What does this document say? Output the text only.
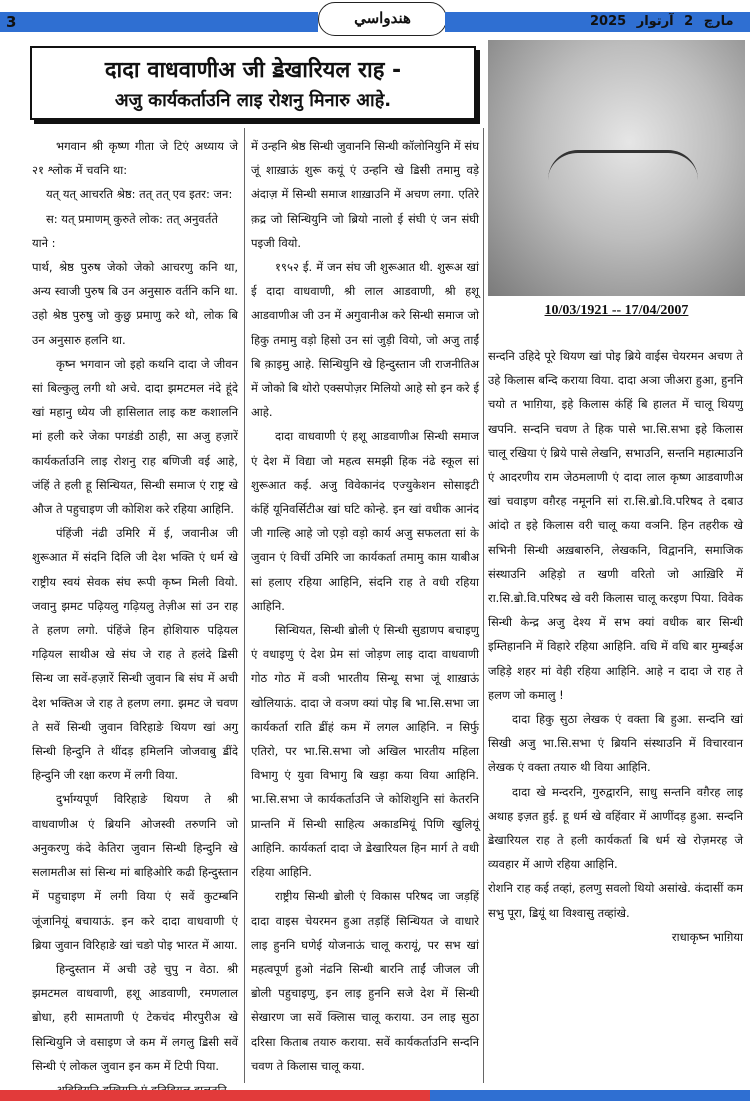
3	هندواسي	2025	مارچ 2 آرتوار
दादा वाधवाणीअ जी ॾेखारियल राह -
अजु कार्यकर्ताउनि लाइ रोशनु मिनारु आहे.
10/03/1921 -- 17/04/2007

भगवान श्री कृष्ण गीता जे टिएं अध्याय जे २१ श्लोक में चवनि था:

यत् यत् आचरति श्रेष्ठ: तत् तत् एव इतर: जन:

स: यत् प्रमाणम् कुरुते लोक: तत् अनुवर्तते

याने :

पार्थ, श्रेष्ठ पुरुष जेको जेको आचरणु कनि था, अन्य स्वाजी पुरुष बि उन अनुसारु वर्तनि कनि था. उहो श्रेष्ठ पुरुषु जो कुछु प्रमाणु करे थो, लोक बि उन अनुसारु हलनि था.

कृष्न भगवान जो इहो कथनि दादा जे जीवन सां बिल्कुलु लगी थो अचे. दादा झमटमल नंदे हूंदे खां महानु ध्येय जी हासिलात लाइ कष्ट कशालनि मां हली करे जेका पगडंडी ठाही, सा अजु हज़ारें कार्यकर्ताउनि लाइ रोशनु राह बणिजी वई आहे, जंहिं ते हली हू सिन्धियत, सिन्धी समाज एं राष्ट्र खे औज ते पहुचाइण जी कोशिश करे रहिया आहिनि.

पंहिंजी नंढी उमिरि में ई, जवानीअ जी शुरूआत में संदनि दिलि जी देश भक्ति एं धर्म खे राष्ट्रीय स्वयं सेवक संघ रूपी कृष्न मिली वियो. जवानु झमट पढ़ियलु गढ़ियलु तेज़ीअ सां उन राह ते हलण लगो. पंहिंजे हिन होशियारु पढ़ियल गढ़ियल साथीअ खे संघ जे राह ते हलंदे ॾिसी सिन्ध जा सवें-हज़ारें सिन्धी जुवान बि संघ में अची देश भक्तिअ जे राह ते हलण लगा. झमट जे चवण ते सवें सिन्धी जुवान विरिहाङे थियण खां अगु सिन्धी हिन्दुनि ते थींदड़ हमिलनि जोजवाबु ॾींदे हिन्दुनि जी रक्षा करण में लगी विया.

दुर्भाग्यपूर्ण विरिहाङे थियण ते श्री वाधवाणीअ एं ब्रियनि ओजस्वी तरुणनि जो अनुकरणु कंदे केतिरा जुवान सिन्धी हिन्दुनि खे सलामतीअ सां सिन्ध मां बाहिओरि कढी हिन्दुस्तान में पहुचाइण में लगी विया एं सवें कुटम्बनि जूंजानियूं बचायाऊं. इन करे दादा वाधवाणी एं ब्रिया जुवान विरिहाङे खां चङो पोइ भारत में आया.

हिन्दुस्तान में अची उहे चुपु न वेठा. श्री झमटमल वाधवाणी, हशू आडवाणी, रमणलाल ॿोधा, हरी सामताणी एं टेकचंद मीरपुरीअ खे सिन्धियुनि जे वसाइण जे कम में लगलु ॾिसी सवें सिन्धी एं लोकल जुवान इन कम में टिपी पिया.

में उन्हनि श्रेष्ठ सिन्धी जुवाननि सिन्धी कॉलोनियुनि में संघ जूं शाख़ाऊं शुरू कयूं एं उन्हनि खे ॾिसी तमामु वड़े अंदाज़ में सिन्धी समाज शाख़ाउनि में अचण लगा. एतिरे क़द्र जो सिन्धियुनि जो ब्रियो नालो ई संघी एं जन संघी पइजी वियो.

१९५२ ई. में जन संघ जी शुरूआत थी. शुरूअ खां ई दादा वाधवाणी, श्री लाल आडवाणी, श्री हशू आडवाणीअ जी उन में अगुवानीअ करे सिन्धी समाज जो हिकु तमामु वड़ो हिसो उन सां जुड़ी वियो, जो अजु ताईं बि क़ाइमु आहे. सिन्धियुनि खे हिन्दुस्तान जी राजनीतिअ में जोको बि थोरो एक्सपोज़र मिलियो आहे सो इन करे ई आहे.

दादा वाधवाणी एं हशू आडवाणीअ सिन्धी समाज एं देश में विद्या जो महत्व समझी हिक नंढे स्कूल सां शुरूआत कई. अजु विवेकानंद एज्युकेशन सोसाइटी कंहिं यूनिवर्सिटीअ खां घटि कोन्हे. इन खां वधीक आनंद जी गाल्हि आहे जो एड़ो वड़ो कार्य अजु सफलता सां के जुवान एं विचीं उमिरि जा कार्यकर्ता तमामु काम़ याबीअ सां हलाए रहिया आहिनि, संदनि राह ते वधी रहिया आहिनि.

सिन्धियत, सिन्धी ॿोली एं सिन्धी सुडाणप बचाइणु एं वधाइणु एं देश प्रेम सां जोड़ण लाइ दादा वाधवाणी गोठ गोठ में वञी भारतीय सिन्धू सभा जूं शाख़ाऊं खोलियाऊं. दादा जे वञण क्यां पोइ बि भा.सि.सभा जा कार्यकर्ता राति ॾींहं कम में लगल आहिनि. न सिर्फु एतिरो, पर भा.सि.सभा जो अखिल भारतीय महिला विभागु एं युवा विभागु बि खड़ा कया विया आहिनि. भा.सि.सभा जे कार्यकर्ताउनि जे कोशिशुनि सां केतरनि प्रान्तनि में सिन्धी साहित्य अकाडमियूं पिणि खुलियूं आहिनि. कार्यकर्ता दादा जे ॾेखारियल हिन मार्ग ते वधी रहिया आहिनि.

राष्ट्रीय सिन्धी ॿोली एं विकास परिषद जा जड़हिं दादा वाइस चेयरमन हुआ तड़हिं सिन्धियत जे वाधारे लाइ हुननि घणेई योजनाऊं चालू करायूं, पर सभ खां महत्वपूर्ण हुओ नंढनि सिन्धी बारनि ताईं जीजल जी ॿोली पहुचाइणु, इन लाइ हुननि सजे देश में सिन्धी सेखारण जा सवें क्लिास चालू कराया. उन लाइ सुठा दरिसा किताब तयारु कराया. सवें कार्यकर्ताउनि सन्दनि चवण ते किलास चालू कया.

सन्दनि उहिदे पूरे थियण खां पोइ ब्रिये वाईस चेयरमन अचण ते उहे किलास बन्दि कराया विया. दादा अञा जीअरा हुआ, हुननि चयो त भाग़िया, इहे किलास कंहिं बि हालत में चालू थियणु खपनि. सन्दनि चवण ते हिक पासे भा.सि.सभा इहे किलास चालू रखिया एं ब्रिये पासे लेखनि, सभाउनि, सन्तनि महात्माउनि एं आदरणीय राम जेठमलाणी एं दादा लाल कृष्ण आडवाणीअ खां चवाइण वग़ैरह नमूननि सां रा.सि.ॿो.वि.परिषद ते दबाउ आंदो त इहे किलास वरी चालू कया वञनि. हिन तहरीक खे सभिनी सिन्धी अख़बारुनि, लेखकनि, विद्वाननि, समाजिक संस्थाउनि अहिड़ो त खणी वरितो जो आख़िरि में रा.सि.ॿो.वि.परिषद खे वरी किलास चालू करइण पिया. विवेक सिन्धी केन्द्र अजु देश्य में सभ क्यां वधीक बार सिन्धी इम्तिहाननि में विहारे रहिया आहिनि. वधि में वधि बार मुम्बईअ जहिड़े शहर मां वेही रहिया आहिनि. आहे न दादा जे राह ते हलण जो कमालु !

दादा हिकु सुठा लेखक एं वक्ता बि हुआ. सन्दनि खां सिखी अजु भा.सि.सभा एं ब्रियनि संस्थाउनि में विचारवान लेखक एं वक्ता तयारु थी विया आहिनि.

दादा खे मन्दरनि, गुरुद्वारनि, साधु सन्तनि वग़ैरह लाइ अथाह इज़त हुई. हू धर्म खे वहिंवार में आणींदड़ हुआ. सन्दनि ॾेखारियल राह ते हली कार्यकर्ता बि धर्म खे रोज़मरह जे व्यवहार में आणे रहिया आहिनि.

रोशनि राह कई तव्हां, हलणु सवलो थियो असांखे. कंदासीं कम सभु पूरा, ॾियूं था विश्वासु तव्हांखे.

राधाकृष्न भाग़िया
